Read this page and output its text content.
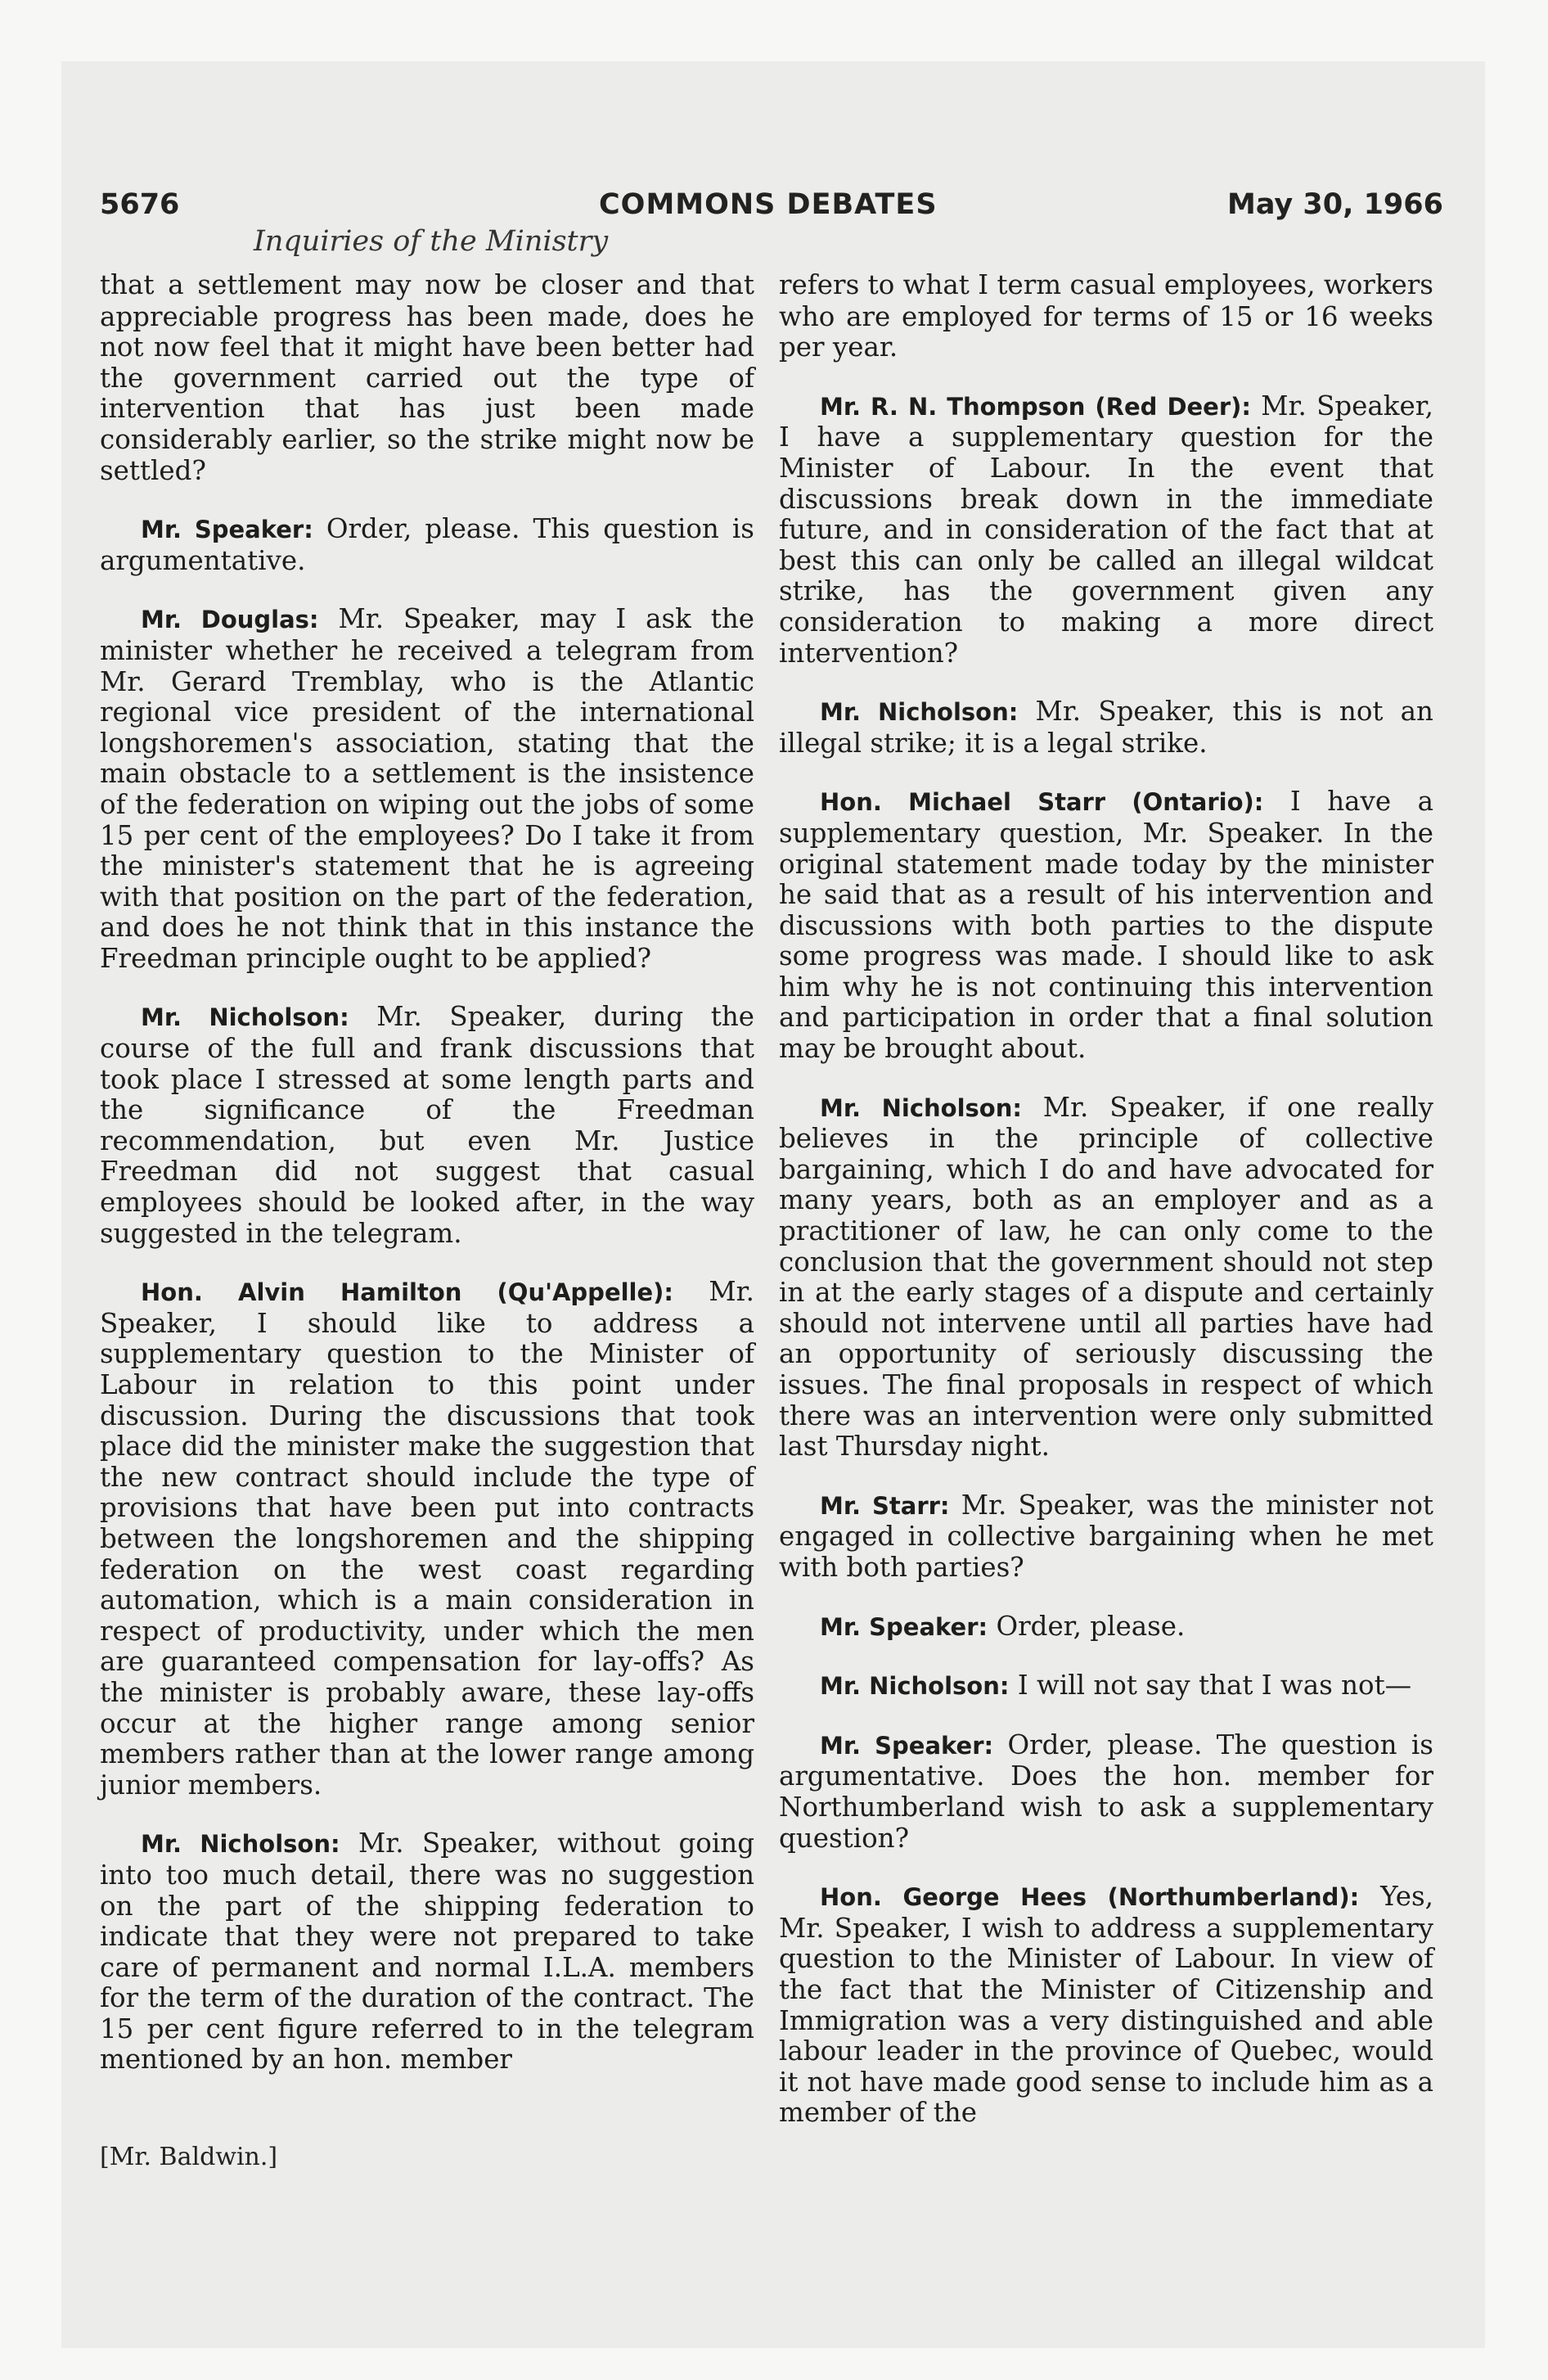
5676	COMMONS DEBATES	May 30, 1966
Inquiries of the Ministry

that a settlement may now be closer and that appreciable progress has been made, does he not now feel that it might have been better had the government carried out the type of intervention that has just been made considerably earlier, so the strike might now be settled?

Mr. Speaker: Order, please. This question is argumentative.

Mr. Douglas: Mr. Speaker, may I ask the minister whether he received a telegram from Mr. Gerard Tremblay, who is the Atlantic regional vice president of the international longshoremen's association, stating that the main obstacle to a settlement is the insistence of the federation on wiping out the jobs of some 15 per cent of the employees? Do I take it from the minister's statement that he is agreeing with that position on the part of the federation, and does he not think that in this instance the Freedman principle ought to be applied?

Mr. Nicholson: Mr. Speaker, during the course of the full and frank discussions that took place I stressed at some length parts and the significance of the Freedman recommendation, but even Mr. Justice Freedman did not suggest that casual employees should be looked after, in the way suggested in the telegram.

Hon. Alvin Hamilton (Qu'Appelle): Mr. Speaker, I should like to address a supplementary question to the Minister of Labour in relation to this point under discussion. During the discussions that took place did the minister make the suggestion that the new contract should include the type of provisions that have been put into contracts between the longshoremen and the shipping federation on the west coast regarding automation, which is a main consideration in respect of productivity, under which the men are guaranteed compensation for lay-offs? As the minister is probably aware, these lay-offs occur at the higher range among senior members rather than at the lower range among junior members.

Mr. Nicholson: Mr. Speaker, without going into too much detail, there was no suggestion on the part of the shipping federation to indicate that they were not prepared to take care of permanent and normal I.L.A. members for the term of the duration of the contract. The 15 per cent figure referred to in the telegram mentioned by an hon. member

[Mr. Baldwin.]

refers to what I term casual employees, workers who are employed for terms of 15 or 16 weeks per year.

Mr. R. N. Thompson (Red Deer): Mr. Speaker, I have a supplementary question for the Minister of Labour. In the event that discussions break down in the immediate future, and in consideration of the fact that at best this can only be called an illegal wildcat strike, has the government given any consideration to making a more direct intervention?

Mr. Nicholson: Mr. Speaker, this is not an illegal strike; it is a legal strike.

Hon. Michael Starr (Ontario): I have a supplementary question, Mr. Speaker. In the original statement made today by the minister he said that as a result of his intervention and discussions with both parties to the dispute some progress was made. I should like to ask him why he is not continuing this intervention and participation in order that a final solution may be brought about.

Mr. Nicholson: Mr. Speaker, if one really believes in the principle of collective bargaining, which I do and have advocated for many years, both as an employer and as a practitioner of law, he can only come to the conclusion that the government should not step in at the early stages of a dispute and certainly should not intervene until all parties have had an opportunity of seriously discussing the issues. The final proposals in respect of which there was an intervention were only submitted last Thursday night.

Mr. Starr: Mr. Speaker, was the minister not engaged in collective bargaining when he met with both parties?

Mr. Speaker: Order, please.

Mr. Nicholson: I will not say that I was not—

Mr. Speaker: Order, please. The question is argumentative. Does the hon. member for Northumberland wish to ask a supplementary question?

Hon. George Hees (Northumberland): Yes, Mr. Speaker, I wish to address a supplementary question to the Minister of Labour. In view of the fact that the Minister of Citizenship and Immigration was a very distinguished and able labour leader in the province of Quebec, would it not have made good sense to include him as a member of the
